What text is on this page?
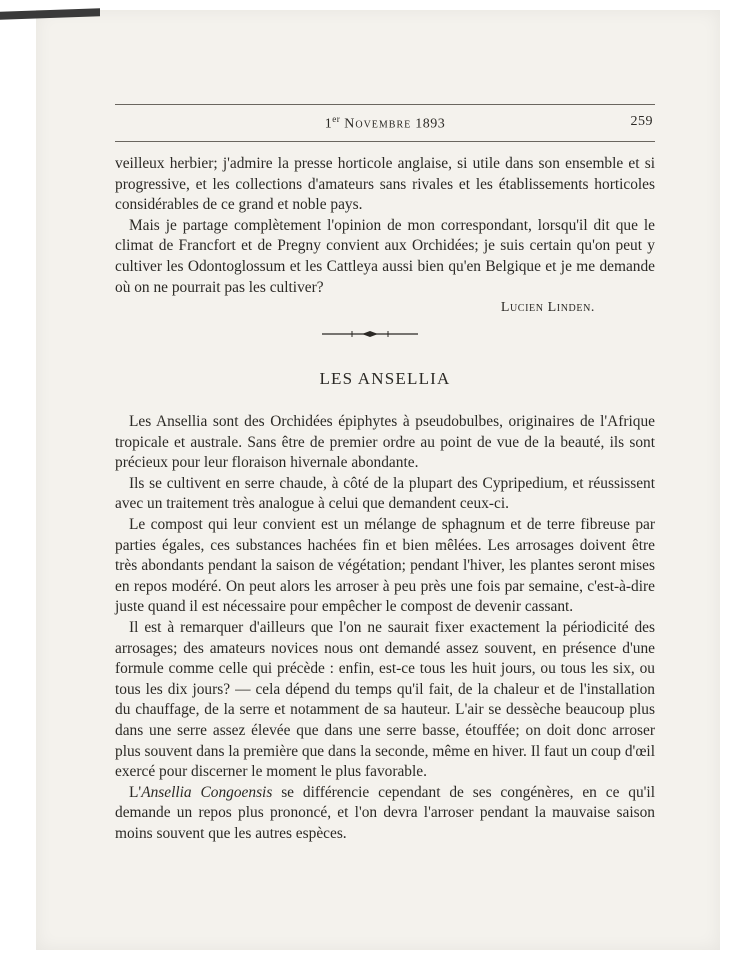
1er Novembre 1893	259

veilleux herbier; j'admire la presse horticole anglaise, si utile dans son ensemble et si progressive, et les collections d'amateurs sans rivales et les établissements horticoles considérables de ce grand et noble pays.

Mais je partage complètement l'opinion de mon correspondant, lorsqu'il dit que le climat de Francfort et de Pregny convient aux Orchidées; je suis certain qu'on peut y cultiver les Odontoglossum et les Cattleya aussi bien qu'en Belgique et je me demande où on ne pourrait pas les cultiver?

Lucien Linden.
LES ANSELLIA

Les Ansellia sont des Orchidées épiphytes à pseudobulbes, originaires de l'Afrique tropicale et australe. Sans être de premier ordre au point de vue de la beauté, ils sont précieux pour leur floraison hivernale abondante.

Ils se cultivent en serre chaude, à côté de la plupart des Cypripedium, et réussissent avec un traitement très analogue à celui que demandent ceux-ci.

Le compost qui leur convient est un mélange de sphagnum et de terre fibreuse par parties égales, ces substances hachées fin et bien mêlées. Les arrosages doivent être très abondants pendant la saison de végétation; pendant l'hiver, les plantes seront mises en repos modéré. On peut alors les arroser à peu près une fois par semaine, c'est-à-dire juste quand il est nécessaire pour empêcher le compost de devenir cassant.

Il est à remarquer d'ailleurs que l'on ne saurait fixer exactement la périodicité des arrosages; des amateurs novices nous ont demandé assez souvent, en présence d'une formule comme celle qui précède : enfin, est-ce tous les huit jours, ou tous les six, ou tous les dix jours? — cela dépend du temps qu'il fait, de la chaleur et de l'installation du chauffage, de la serre et notamment de sa hauteur. L'air se dessèche beaucoup plus dans une serre assez élevée que dans une serre basse, étouffée; on doit donc arroser plus souvent dans la première que dans la seconde, même en hiver. Il faut un coup d'œil exercé pour discerner le moment le plus favorable.

L'Ansellia Congoensis se différencie cependant de ses congénères, en ce qu'il demande un repos plus prononcé, et l'on devra l'arroser pendant la mauvaise saison moins souvent que les autres espèces.
